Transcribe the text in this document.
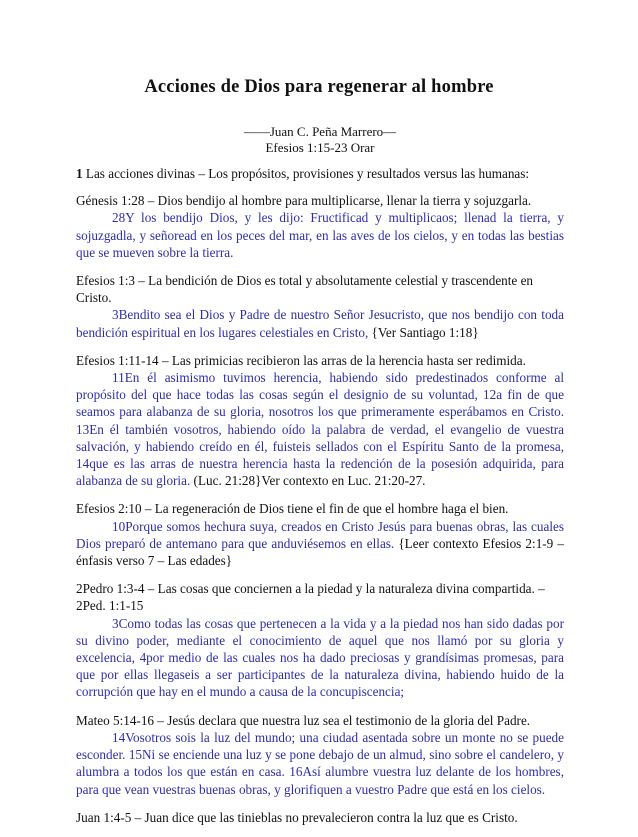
Acciones de Dios para regenerar al hombre
——Juan C. Peña Marrero—
Efesios 1:15-23 Orar

1 Las acciones divinas – Los propósitos, provisiones y resultados versus las humanas:

Génesis 1:28 – Dios bendijo al hombre para multiplicarse, llenar la tierra y sojuzgarla.

28Y los bendijo Dios, y les dijo: Fructificad y multiplicaos; llenad la tierra, y sojuzgadla, y señoread en los peces del mar, en las aves de los cielos, y en todas las bestias que se mueven sobre la tierra.

Efesios 1:3 – La bendición de Dios es total y absolutamente celestial y trascendente en Cristo.

3Bendito sea el Dios y Padre de nuestro Señor Jesucristo, que nos bendijo con toda bendición espiritual en los lugares celestiales en Cristo, {Ver Santiago 1:18}

Efesios 1:11-14 – Las primicias recibieron las arras de la herencia hasta ser redimida.

11En él asimismo tuvimos herencia, habiendo sido predestinados conforme al propósito del que hace todas las cosas según el designio de su voluntad, 12a fin de que seamos para alabanza de su gloria, nosotros los que primeramente esperábamos en Cristo. 13En él también vosotros, habiendo oído la palabra de verdad, el evangelio de vuestra salvación, y habiendo creído en él, fuisteis sellados con el Espíritu Santo de la promesa, 14que es las arras de nuestra herencia hasta la redención de la posesión adquirida, para alabanza de su gloria. (Luc. 21:28}Ver contexto en Luc. 21:20-27.

Efesios 2:10 – La regeneración de Dios tiene el fin de que el hombre haga el bien.

10Porque somos hechura suya, creados en Cristo Jesús para buenas obras, las cuales Dios preparó de antemano para que anduviésemos en ellas. {Leer contexto Efesios 2:1-9 – énfasis verso 7 – Las edades}

2Pedro 1:3-4 – Las cosas que conciernen a la piedad y la naturaleza divina compartida. – 2Ped. 1:1-15

3Como todas las cosas que pertenecen a la vida y a la piedad nos han sido dadas por su divino poder, mediante el conocimiento de aquel que nos llamó por su gloria y excelencia, 4por medio de las cuales nos ha dado preciosas y grandísimas promesas, para que por ellas llegaseis a ser participantes de la naturaleza divina, habiendo huido de la corrupción que hay en el mundo a causa de la concupiscencia;

Mateo 5:14-16 – Jesús declara que nuestra luz sea el testimonio de la gloria del Padre.

14Vosotros sois la luz del mundo; una ciudad asentada sobre un monte no se puede esconder. 15Ni se enciende una luz y se pone debajo de un almud, sino sobre el candelero, y alumbra a todos los que están en casa. 16Así alumbre vuestra luz delante de los hombres, para que vean vuestras buenas obras, y glorifiquen a vuestro Padre que está en los cielos.

Juan 1:4-5 – Juan dice que las tinieblas no prevalecieron contra la luz que es Cristo.
